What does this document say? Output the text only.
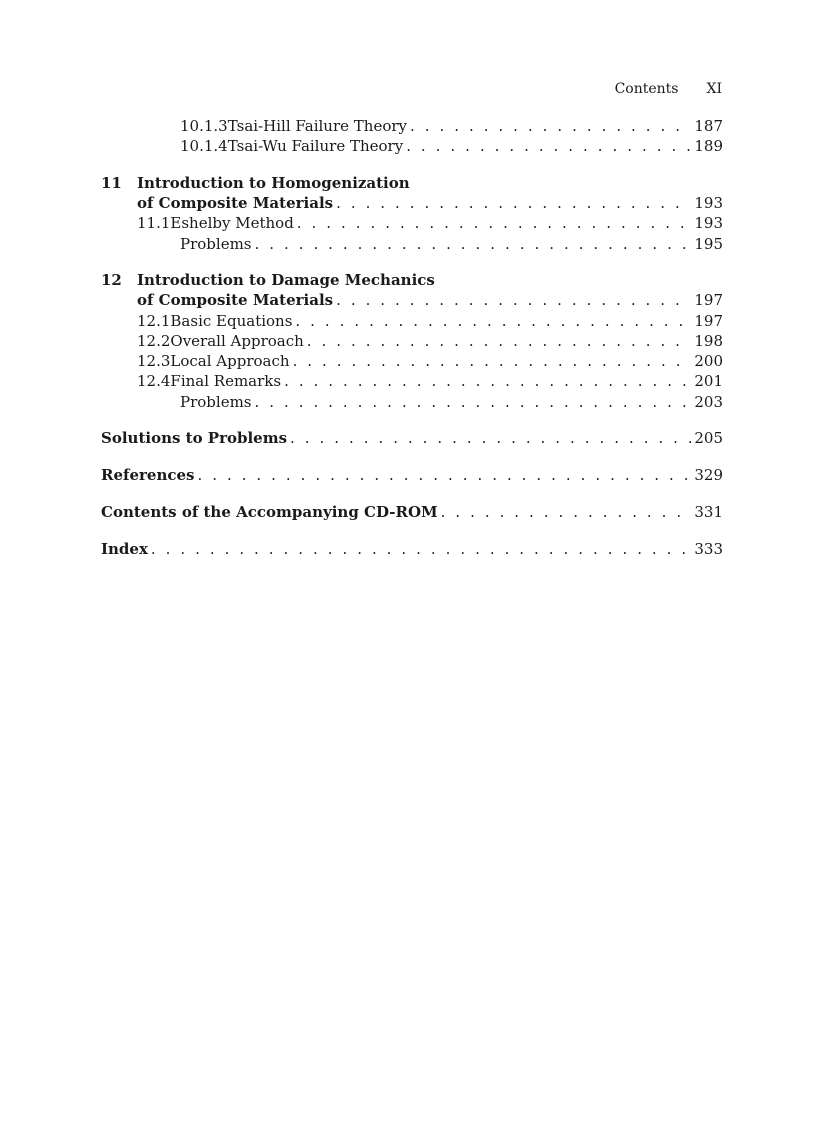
Contents XI
10.1.3 Tsai-Hill Failure Theory . . .	187
10.1.4 Tsai-Wu Failure Theory . . .	189
11 Introduction to Homogenization
of Composite Materials . . .	193
11.1 Eshelby Method . . .	193
Problems . . .	195
12 Introduction to Damage Mechanics
of Composite Materials . . .	197
12.1 Basic Equations . . .	197
12.2 Overall Approach . . .	198
12.3 Local Approach . . .	200
12.4 Final Remarks . . .	201
Problems . . .	203
Solutions to Problems . . .	205
References . . .	329
Contents of the Accompanying CD-ROM . . .	331
Index . . .	333
